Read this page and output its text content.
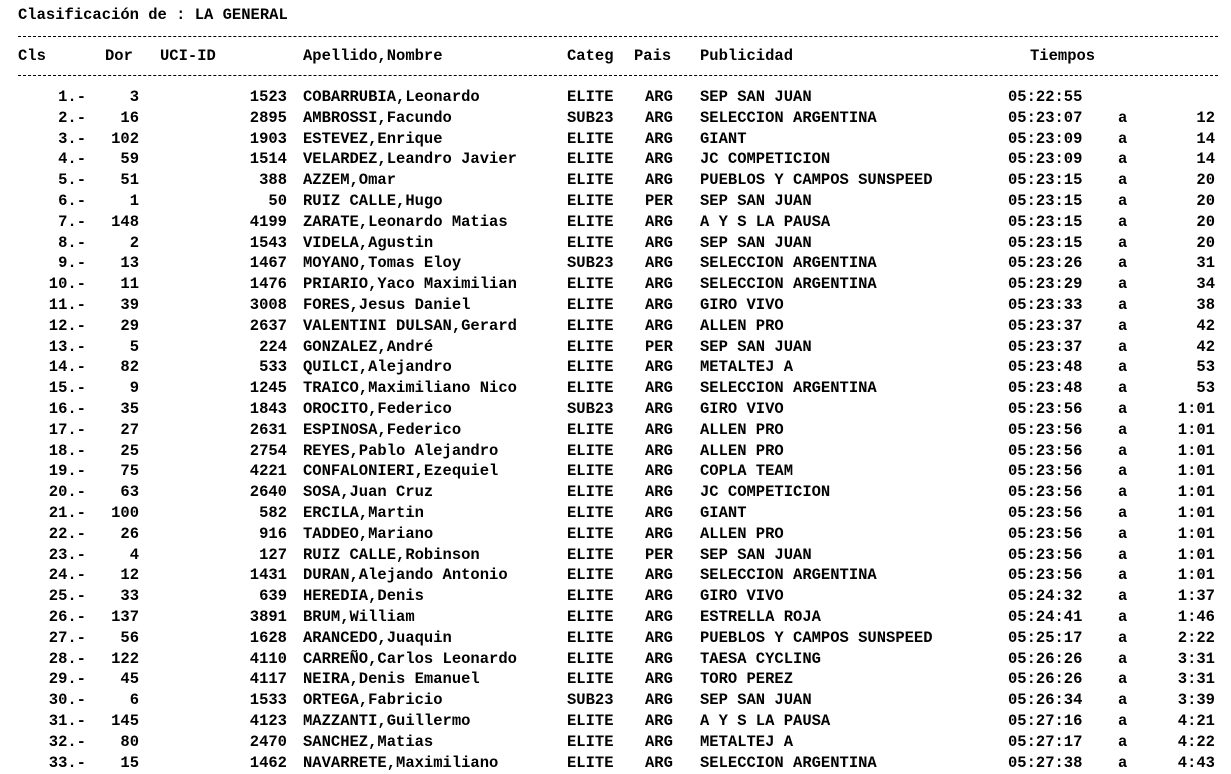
Clasificación de : LA GENERAL
Cls	Dor UCI-ID	Apellido,Nombre	Categ Pais Publicidad	Tiempos
1.-	3	1523 COBARRUBIA,Leonardo	ELITE ARG SEP SAN JUAN	05:22:55
2.-	16	2895 AMBROSSI,Facundo	SUB23 ARG SELECCION ARGENTINA	05:23:07 a	12
3.-	102	1903 ESTEVEZ,Enrique	ELITE ARG GIANT	05:23:09 a	14
4.-	59	1514 VELARDEZ,Leandro Javier	ELITE ARG JC COMPETICION	05:23:09 a	14
5.-	51	388 AZZEM,Omar	ELITE ARG PUEBLOS Y CAMPOS SUNSPEED	05:23:15 a	20
6.-	1	50 RUIZ CALLE,Hugo	ELITE PER SEP SAN JUAN	05:23:15 a	20
7.-	148	4199 ZARATE,Leonardo Matias	ELITE ARG A Y S LA PAUSA	05:23:15 a	20
8.-	2	1543 VIDELA,Agustin	ELITE ARG SEP SAN JUAN	05:23:15 a	20
9.-	13	1467 MOYANO,Tomas Eloy	SUB23 ARG SELECCION ARGENTINA	05:23:26 a	31
10.-	11	1476 PRIARIO,Yaco Maximilian	ELITE ARG SELECCION ARGENTINA	05:23:29 a	34
11.-	39	3008 FORES,Jesus Daniel	ELITE ARG GIRO VIVO	05:23:33 a	38
12.-	29	2637 VALENTINI DULSAN,Gerard	ELITE ARG ALLEN PRO	05:23:37 a	42
13.-	5	224 GONZALEZ,André	ELITE PER SEP SAN JUAN	05:23:37 a	42
14.-	82	533 QUILCI,Alejandro	ELITE ARG METALTEJ A	05:23:48 a	53
15.-	9	1245 TRAICO,Maximiliano Nico	ELITE ARG SELECCION ARGENTINA	05:23:48 a	53
16.-	35	1843 OROCITO,Federico	SUB23 ARG GIRO VIVO	05:23:56 a	1:01
17.-	27	2631 ESPINOSA,Federico	ELITE ARG ALLEN PRO	05:23:56 a	1:01
18.-	25	2754 REYES,Pablo Alejandro	ELITE ARG ALLEN PRO	05:23:56 a	1:01
19.-	75	4221 CONFALONIERI,Ezequiel	ELITE ARG COPLA TEAM	05:23:56 a	1:01
20.-	63	2640 SOSA,Juan Cruz	ELITE ARG JC COMPETICION	05:23:56 a	1:01
21.-	100	582 ERCILA,Martin	ELITE ARG GIANT	05:23:56 a	1:01
22.-	26	916 TADDEO,Mariano	ELITE ARG ALLEN PRO	05:23:56 a	1:01
23.-	4	127 RUIZ CALLE,Robinson	ELITE PER SEP SAN JUAN	05:23:56 a	1:01
24.-	12	1431 DURAN,Alejando Antonio	ELITE ARG SELECCION ARGENTINA	05:23:56 a	1:01
25.-	33	639 HEREDIA,Denis	ELITE ARG GIRO VIVO	05:24:32 a	1:37
26.-	137	3891 BRUM,William	ELITE ARG ESTRELLA ROJA	05:24:41 a	1:46
27.-	56	1628 ARANCEDO,Juaquin	ELITE ARG PUEBLOS Y CAMPOS SUNSPEED	05:25:17 a	2:22
28.-	122	4110 CARREÑO,Carlos Leonardo	ELITE ARG TAESA CYCLING	05:26:26 a	3:31
29.-	45	4117 NEIRA,Denis Emanuel	ELITE ARG TORO PEREZ	05:26:26 a	3:31
30.-	6	1533 ORTEGA,Fabricio	SUB23 ARG SEP SAN JUAN	05:26:34 a	3:39
31.-	145	4123 MAZZANTI,Guillermo	ELITE ARG A Y S LA PAUSA	05:27:16 a	4:21
32.-	80	2470 SANCHEZ,Matias	ELITE ARG METALTEJ A	05:27:17 a	4:22
33.-	15	1462 NAVARRETE,Maximiliano	ELITE ARG SELECCION ARGENTINA	05:27:38 a	4:43
